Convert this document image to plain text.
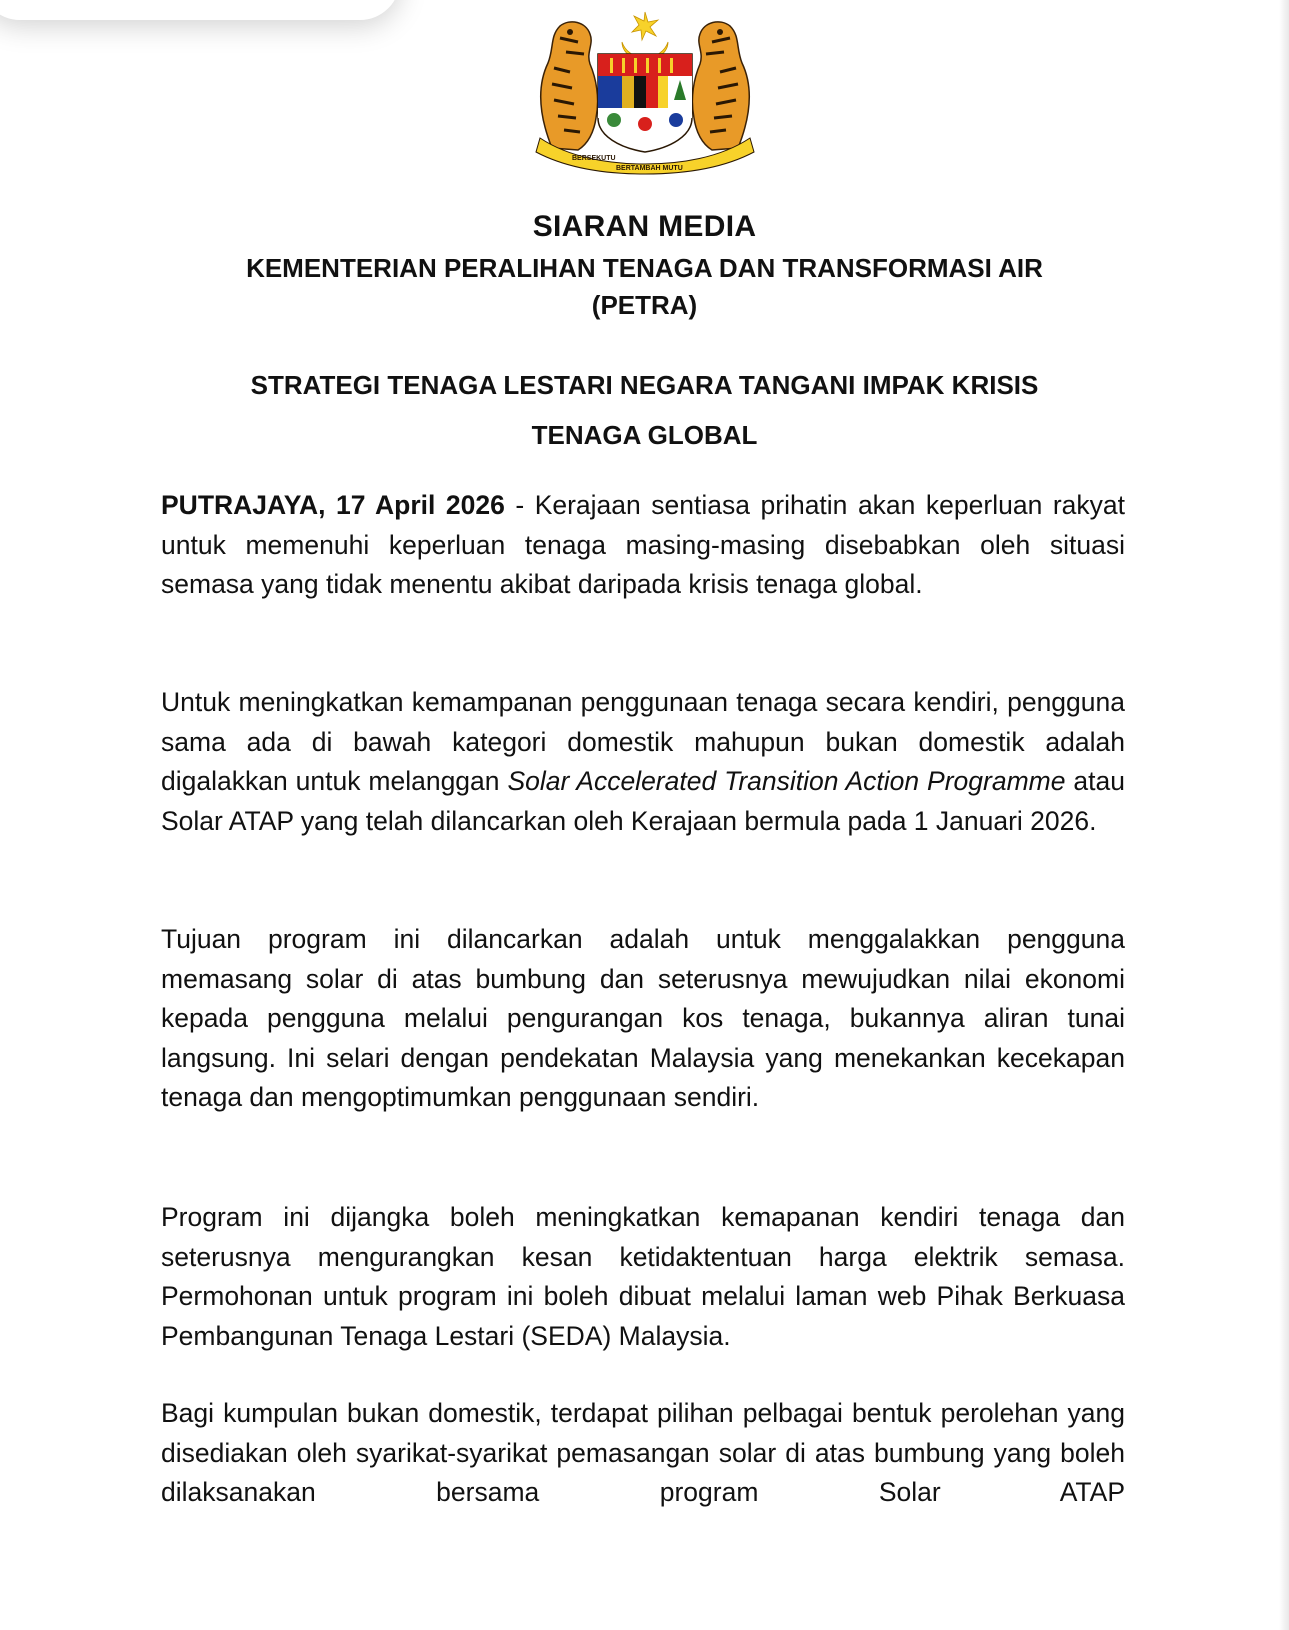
BERSEKUTU
BERTAMBAH MUTU
SIARAN MEDIA
KEMENTERIAN PERALIHAN TENAGA DAN TRANSFORMASI AIR
(PETRA)
STRATEGI TENAGA LESTARI NEGARA TANGANI IMPAK KRISIS
TENAGA GLOBAL

PUTRAJAYA, 17 April 2026 - Kerajaan sentiasa prihatin akan keperluan rakyat untuk memenuhi keperluan tenaga masing-masing disebabkan oleh situasi semasa yang tidak menentu akibat daripada krisis tenaga global.

Untuk meningkatkan kemampanan penggunaan tenaga secara kendiri, pengguna sama ada di bawah kategori domestik mahupun bukan domestik adalah digalakkan untuk melanggan Solar Accelerated Transition Action Programme atau Solar ATAP yang telah dilancarkan oleh Kerajaan bermula pada 1 Januari 2026.

Tujuan program ini dilancarkan adalah untuk menggalakkan pengguna memasang solar di atas bumbung dan seterusnya mewujudkan nilai ekonomi kepada pengguna melalui pengurangan kos tenaga, bukannya aliran tunai langsung. Ini selari dengan pendekatan Malaysia yang menekankan kecekapan tenaga dan mengoptimumkan penggunaan sendiri.

Program ini dijangka boleh meningkatkan kemapanan kendiri tenaga dan seterusnya mengurangkan kesan ketidaktentuan harga elektrik semasa. Permohonan untuk program ini boleh dibuat melalui laman web Pihak Berkuasa Pembangunan Tenaga Lestari (SEDA) Malaysia.

Bagi kumpulan bukan domestik, terdapat pilihan pelbagai bentuk perolehan yang disediakan oleh syarikat-syarikat pemasangan solar di atas bumbung yang boleh dilaksanakan bersama program Solar ATAP
